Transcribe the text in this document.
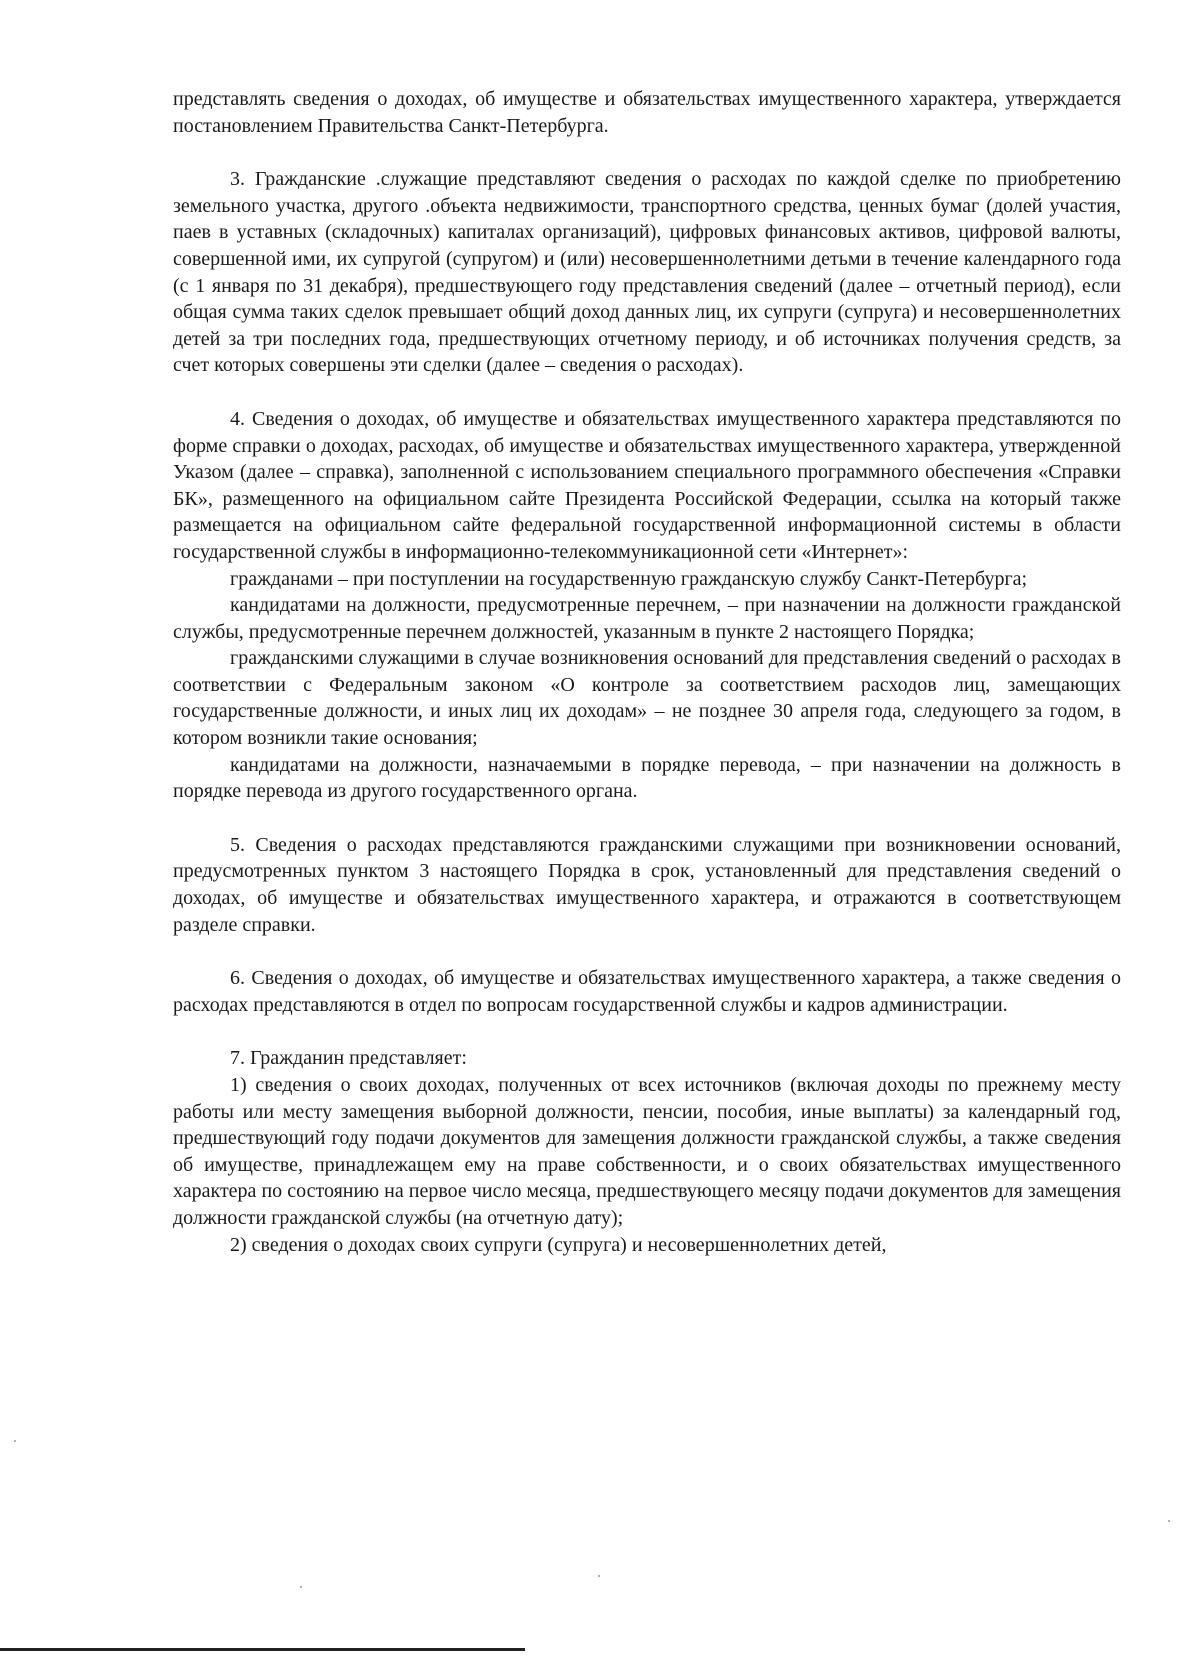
представлять сведения о доходах, об имуществе и обязательствах имущественного характера, утверждается постановлением Правительства Санкт-Петербурга.

3. Гражданские .служащие представляют сведения о расходах по каждой сделке по приобретению земельного участка, другого .объекта недвижимости, транспортного средства, ценных бумаг (долей участия, паев в уставных (складочных) капиталах организаций), цифровых финансовых активов, цифровой валюты, совершенной ими, их супругой (супругом) и (или) несовершеннолетними детьми в течение календарного года (с 1 января по 31 декабря), предшествующего году представления сведений (далее – отчетный период), если общая сумма таких сделок превышает общий доход данных лиц, их супруги (супруга) и несовершеннолетних детей за три последних года, предшествующих отчетному периоду, и об источниках получения средств, за счет которых совершены эти сделки (далее – сведения о расходах).

4. Сведения о доходах, об имуществе и обязательствах имущественного характера представляются по форме справки о доходах, расходах, об имуществе и обязательствах имущественного характера, утвержденной Указом (далее – справка), заполненной с использованием специального программного обеспечения «Справки БК», размещенного на официальном сайте Президента Российской Федерации, ссылка на который также размещается на официальном сайте федеральной государственной информационной системы в области государственной службы в информационно-телекоммуникационной сети «Интернет»:

гражданами – при поступлении на государственную гражданскую службу Санкт-Петербурга;

кандидатами на должности, предусмотренные перечнем, – при назначении на должности гражданской службы, предусмотренные перечнем должностей, указанным в пункте 2 настоящего Порядка;

гражданскими служащими в случае возникновения оснований для представления сведений о расходах в соответствии с Федеральным законом «О контроле за соответствием расходов лиц, замещающих государственные должности, и иных лиц их доходам» – не позднее 30 апреля года, следующего за годом, в котором возникли такие основания;

кандидатами на должности, назначаемыми в порядке перевода, – при назначении на должность в порядке перевода из другого государственного органа.

5. Сведения о расходах представляются гражданскими служащими при возникновении оснований, предусмотренных пунктом 3 настоящего Порядка в срок, установленный для представления сведений о доходах, об имуществе и обязательствах имущественного характера, и отражаются в соответствующем разделе справки.

6. Сведения о доходах, об имуществе и обязательствах имущественного характера, а также сведения о расходах представляются в отдел по вопросам государственной службы и кадров администрации.

7. Гражданин представляет:

1) сведения о своих доходах, полученных от всех источников (включая доходы по прежнему месту работы или месту замещения выборной должности, пенсии, пособия, иные выплаты) за календарный год, предшествующий году подачи документов для замещения должности гражданской службы, а также сведения об имуществе, принадлежащем ему на праве собственности, и о своих обязательствах имущественного характера по состоянию на первое число месяца, предшествующего месяцу подачи документов для замещения должности гражданской службы (на отчетную дату);

2) сведения о доходах своих супруги (супруга) и несовершеннолетних детей,
